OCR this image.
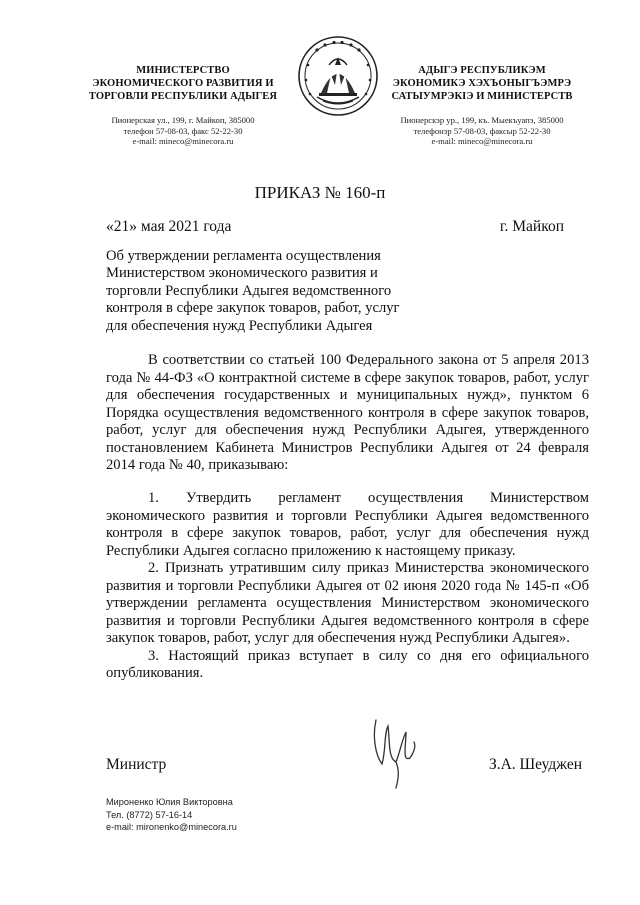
МИНИСТЕРСТВО
ЭКОНОМИЧЕСКОГО РАЗВИТИЯ И
ТОРГОВЛИ РЕСПУБЛИКИ АДЫГЕЯ
Пионерская ул., 199, г. Майкоп, 385000
телефон 57-08-03, факс 52-22-30
e-mail: mineco@minecora.ru
АДЫГЭ РЕСПУБЛИКЭМ
ЭКОНОМИКЭ ХЭХЪОНЫГЪЭМРЭ
САТЫУМРЭКIЭ И МИНИСТЕРСТВ
Пионерскэр ур., 199, къ. Мыекъуапэ, 385000
телефонэр 57-08-03, факсыр 52-22-30
e-mail: mineco@minecora.ru
ПРИКАЗ № 160-п
«21» мая 2021 года	г. Майкоп
Об утверждении регламента осуществления
Министерством экономического развития и
торговли Республики Адыгея ведомственного
контроля в сфере закупок товаров, работ, услуг
для обеспечения нужд Республики Адыгея

В соответствии со статьей 100 Федерального закона от 5 апреля 2013 года № 44-ФЗ «О контрактной системе в сфере закупок товаров, работ, услуг для обеспечения государственных и муниципальных нужд», пунктом 6 Порядка осуществления ведомственного контроля в сфере закупок товаров, работ, услуг для обеспечения нужд Республики Адыгея, утвержденного постановлением Кабинета Министров Республики Адыгея от 24 февраля 2014 года № 40, приказываю:

1. Утвердить регламент осуществления Министерством экономического развития и торговли Республики Адыгея ведомственного контроля в сфере закупок товаров, работ, услуг для обеспечения нужд Республики Адыгея согласно приложению к настоящему приказу.

2. Признать утратившим силу приказ Министерства экономического развития и торговли Республики Адыгея от 02 июня 2020 года № 145-п «Об утверждении регламента осуществления Министерством экономического развития и торговли Республики Адыгея ведомственного контроля в сфере закупок товаров, работ, услуг для обеспечения нужд Республики Адыгея».

3. Настоящий приказ вступает в силу со дня его официального опубликования.

Министр	З.А. Шеуджен
Мироненко Юлия Викторовна
Тел. (8772) 57-16-14
e-mail: mironenko@minecora.ru
